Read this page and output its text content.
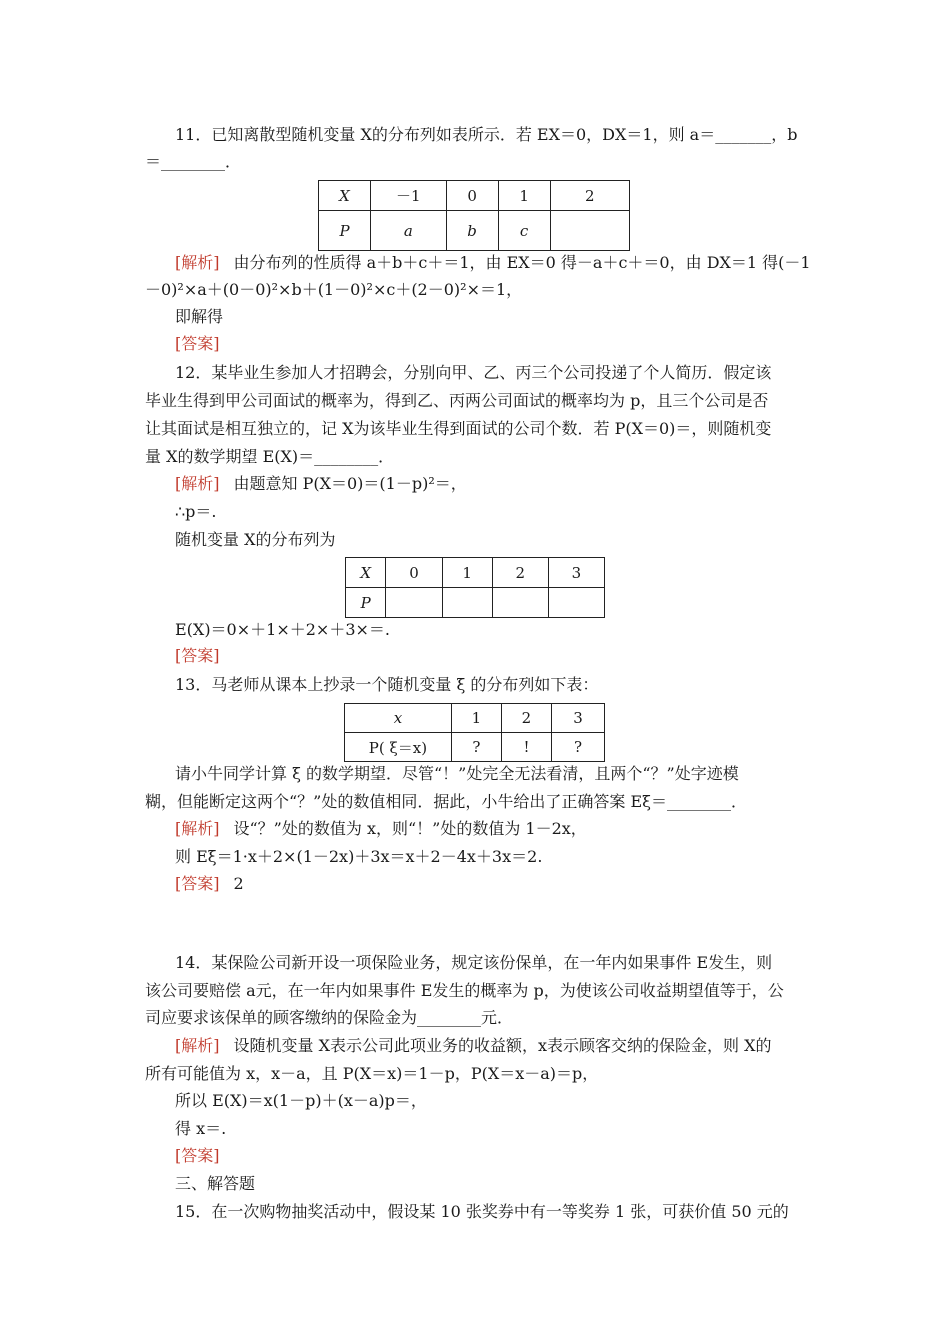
11．已知离散型随机变量 X的分布列如表所示．若 EX＝0，DX＝1，则 a＝_______，b
＝________．
X	－1	0	1	2
P	a	b	c	
[解析] 由分布列的性质得 a＋b＋c＋＝1，由 EX＝0 得－a＋c＋＝0，由 DX＝1 得(－1
－0)²×a＋(0－0)²×b＋(1－0)²×c＋(2－0)²×＝1，
即解得
[答案]
12．某毕业生参加人才招聘会，分别向甲、乙、丙三个公司投递了个人简历．假定该
毕业生得到甲公司面试的概率为，得到乙、丙两公司面试的概率均为 p，且三个公司是否
让其面试是相互独立的，记 X为该毕业生得到面试的公司个数．若 P(X＝0)＝，则随机变
量 X的数学期望 E(X)＝________．
[解析] 由题意知 P(X＝0)＝(1－p)²＝，
∴p＝.
随机变量 X的分布列为
X	0	1	2	3
P				
E(X)＝0×＋1×＋2×＋3×＝.
[答案]
13．马老师从课本上抄录一个随机变量 ξ 的分布列如下表：
x	1	2	3
P( ξ＝x)	?	!	?
请小牛同学计算 ξ 的数学期望．尽管“！”处完全无法看清，且两个“？”处字迹模
糊，但能断定这两个“？”处的数值相同．据此，小牛给出了正确答案 Eξ＝________．
[解析] 设“？”处的数值为 x，则“！”处的数值为 1－2x，
则 Eξ＝1·x＋2×(1－2x)＋3x＝x＋2－4x＋3x＝2.
[答案] 2
14．某保险公司新开设一项保险业务，规定该份保单，在一年内如果事件 E发生，则
该公司要赔偿 a元，在一年内如果事件 E发生的概率为 p，为使该公司收益期望值等于，公
司应要求该保单的顾客缴纳的保险金为________元．
[解析] 设随机变量 X表示公司此项业务的收益额，x表示顾客交纳的保险金，则 X的
所有可能值为 x，x－a，且 P(X＝x)＝1－p，P(X＝x－a)＝p，
所以 E(X)＝x(1－p)＋(x－a)p＝，
得 x＝.
[答案]
三、解答题
15．在一次购物抽奖活动中，假设某 10 张奖券中有一等奖券 1 张，可获价值 50 元的
